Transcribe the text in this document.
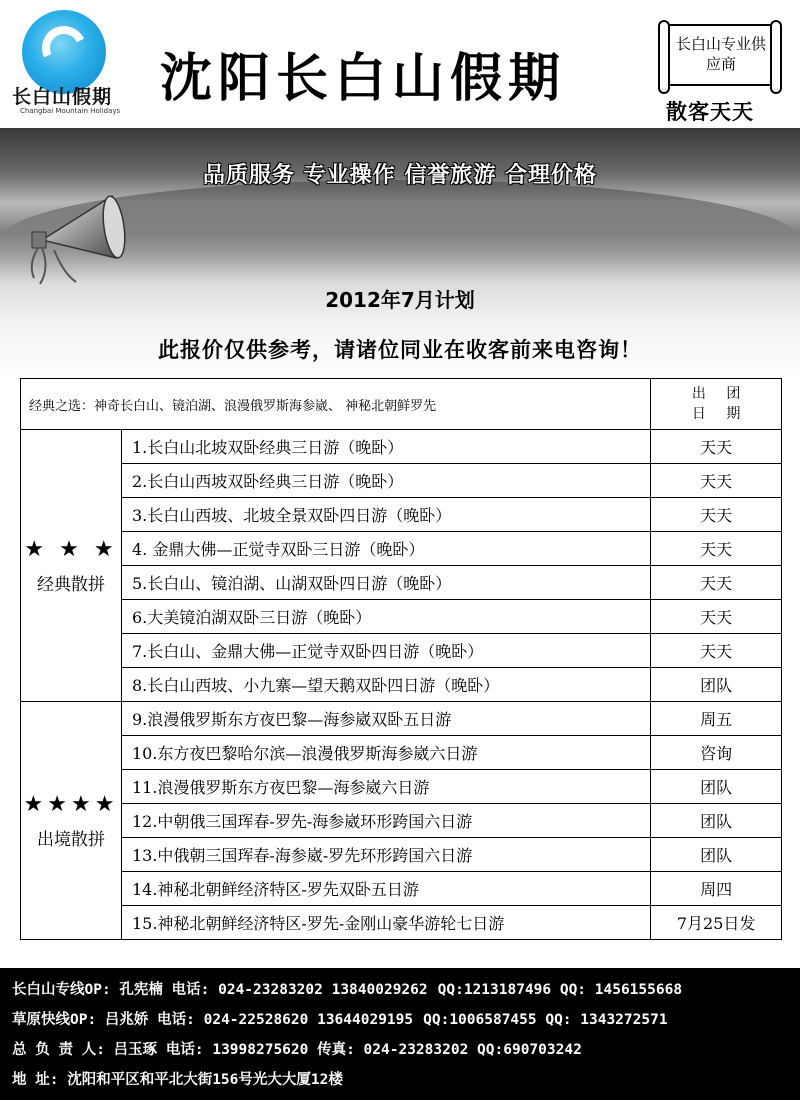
长白山假期
Changbai Mountain Holidays
沈阳长白山假期
长白山专业供应商
散客天天
品质服务 专业操作 信誉旅游 合理价格
2012年7月计划
此报价仅供参考，请诸位同业在收客前来电咨询！
经典之选：神奇长白山、镜泊湖、浪漫俄罗斯海参崴、 神秘北朝鲜罗先		出 团
日 期

★ ★ ★
经典散拼	1.长白山北坡双卧经典三日游（晚卧）	天天
	2.长白山西坡双卧经典三日游（晚卧）	天天
	3.长白山西坡、北坡全景双卧四日游（晚卧）	天天
	4. 金鼎大佛—正觉寺双卧三日游（晚卧）	天天
	5.长白山、镜泊湖、山湖双卧四日游（晚卧）	天天
	6.大美镜泊湖双卧三日游（晚卧）	天天
	7.长白山、金鼎大佛—正觉寺双卧四日游（晚卧）	天天
	8.长白山西坡、小九寨—望天鹅双卧四日游（晚卧）	团队

★★★★
出境散拼	9.浪漫俄罗斯东方夜巴黎—海参崴双卧五日游	周五
	10.东方夜巴黎哈尔滨—浪漫俄罗斯海参崴六日游	咨询
	11.浪漫俄罗斯东方夜巴黎—海参崴六日游	团队
	12.中朝俄三国珲春-罗先-海参崴环形跨国六日游	团队
	13.中俄朝三国珲春-海参崴-罗先环形跨国六日游	团队
	14.神秘北朝鲜经济特区-罗先双卧五日游	周四
	15.神秘北朝鲜经济特区-罗先-金刚山豪华游轮七日游	7月25日发
长白山专线OP: 孔宪楠 电话: 024-23283202 13840029262 QQ:1213187496 QQ: 1456155668
草原快线OP: 吕兆娇 电话: 024-22528620 13644029195 QQ:1006587455 QQ: 1343272571
总 负 责 人: 吕玉琢 电话: 13998275620 传真: 024-23283202 QQ:690703242
地 址: 沈阳和平区和平北大街156号光大大厦12楼
